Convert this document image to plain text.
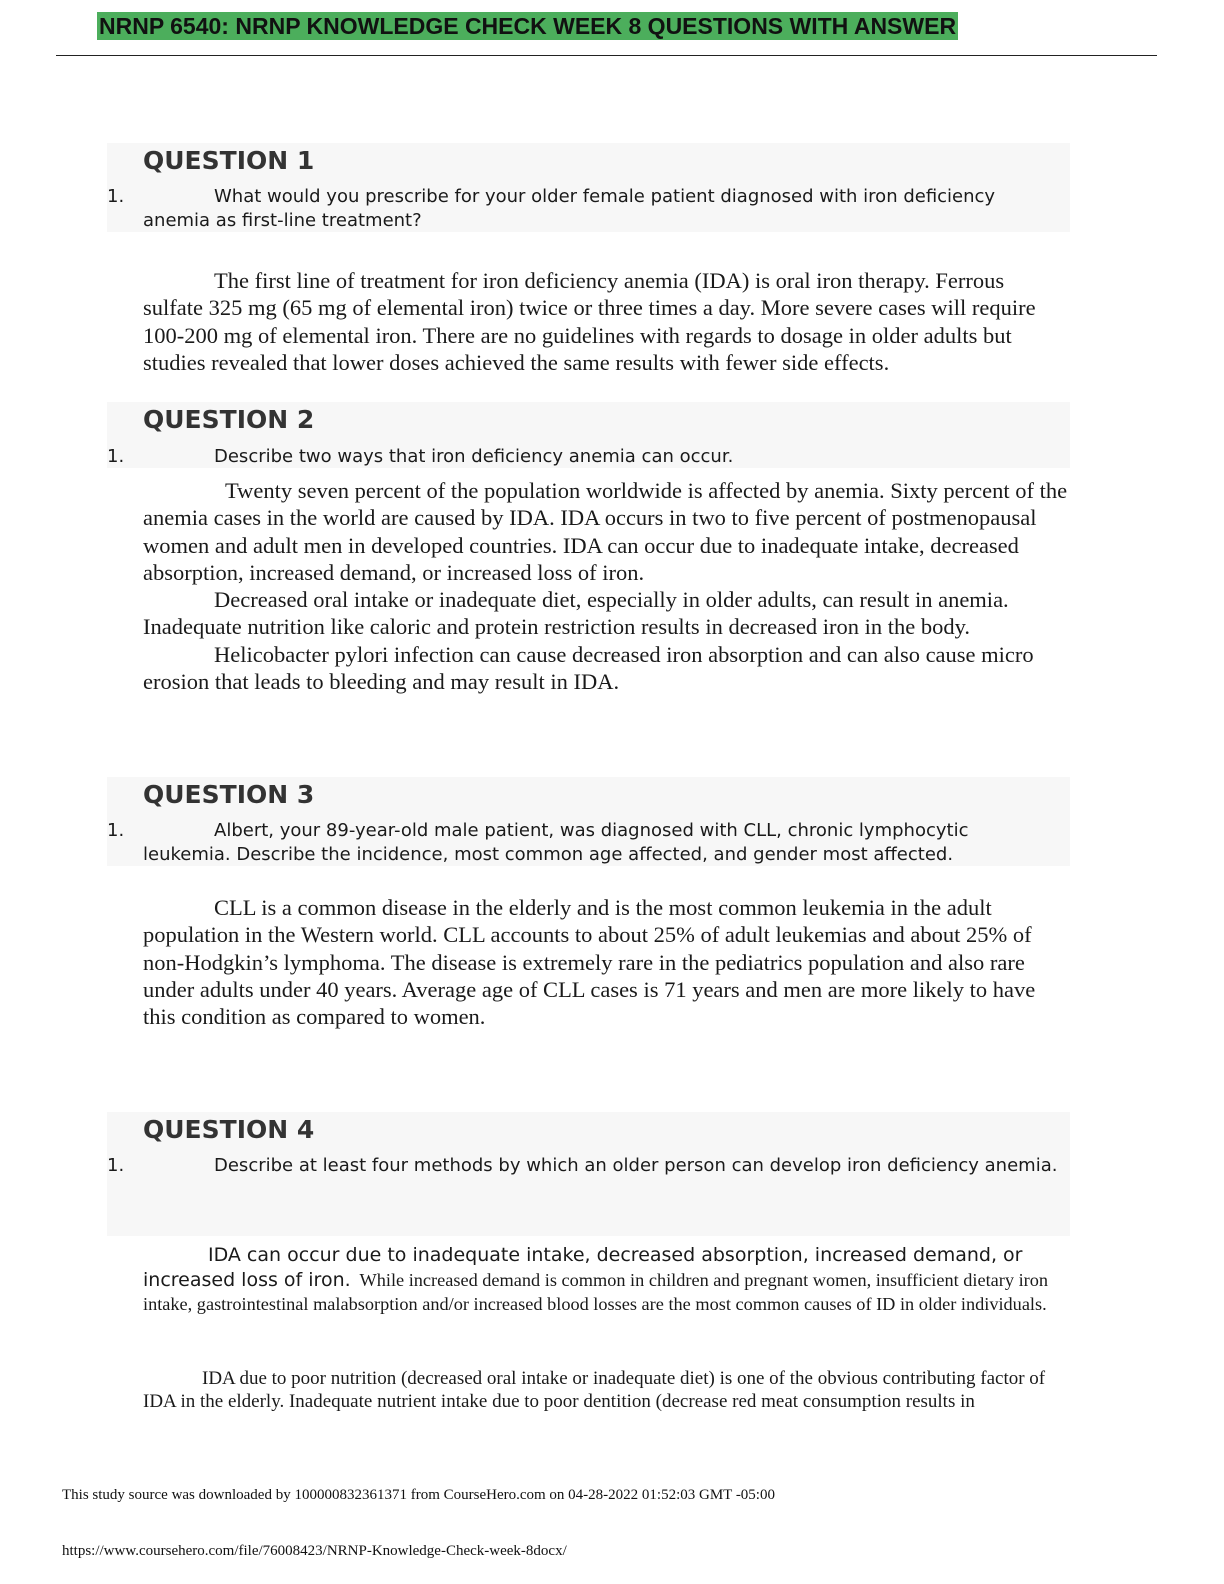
NRNP 6540: NRNP KNOWLEDGE CHECK WEEK 8 QUESTIONS WITH ANSWER
QUESTION 1
1.	What would you prescribe for your older female patient diagnosed with iron deficiency anemia as first-line treatment?

The first line of treatment for iron deficiency anemia (IDA) is oral iron therapy. Ferrous sulfate 325 mg (65 mg of elemental iron) twice or three times a day. More severe cases will require 100-200 mg of elemental iron. There are no guidelines with regards to dosage in older adults but studies revealed that lower doses achieved the same results with fewer side effects.

QUESTION 2
1.	Describe two ways that iron deficiency anemia can occur.

Twenty seven percent of the population worldwide is affected by anemia. Sixty percent of the anemia cases in the world are caused by IDA. IDA occurs in two to five percent of postmenopausal women and adult men in developed countries. IDA can occur due to inadequate intake, decreased absorption, increased demand, or increased loss of iron.

Decreased oral intake or inadequate diet, especially in older adults, can result in anemia. Inadequate nutrition like caloric and protein restriction results in decreased iron in the body.

Helicobacter pylori infection can cause decreased iron absorption and can also cause micro erosion that leads to bleeding and may result in IDA.

QUESTION 3
1.	Albert, your 89-year-old male patient, was diagnosed with CLL, chronic lymphocytic leukemia. Describe the incidence, most common age affected, and gender most affected.

CLL is a common disease in the elderly and is the most common leukemia in the adult population in the Western world. CLL accounts to about 25% of adult leukemias and about 25% of non-Hodgkin’s lymphoma. The disease is extremely rare in the pediatrics population and also rare under adults under 40 years. Average age of CLL cases is 71 years and men are more likely to have this condition as compared to women.

QUESTION 4
1.	Describe at least four methods by which an older person can develop iron deficiency anemia.

IDA can occur due to inadequate intake, decreased absorption, increased demand, or increased loss of iron. While increased demand is common in children and pregnant women, insufficient dietary iron intake, gastrointestinal malabsorption and/or increased blood losses are the most common causes of ID in older individuals.

IDA due to poor nutrition (decreased oral intake or inadequate diet) is one of the obvious contributing factor of IDA in the elderly. Inadequate nutrient intake due to poor dentition (decrease red meat consumption results in

This study source was downloaded by 100000832361371 from CourseHero.com on 04-28-2022 01:52:03 GMT -05:00
https://www.coursehero.com/file/76008423/NRNP-Knowledge-Check-week-8docx/
